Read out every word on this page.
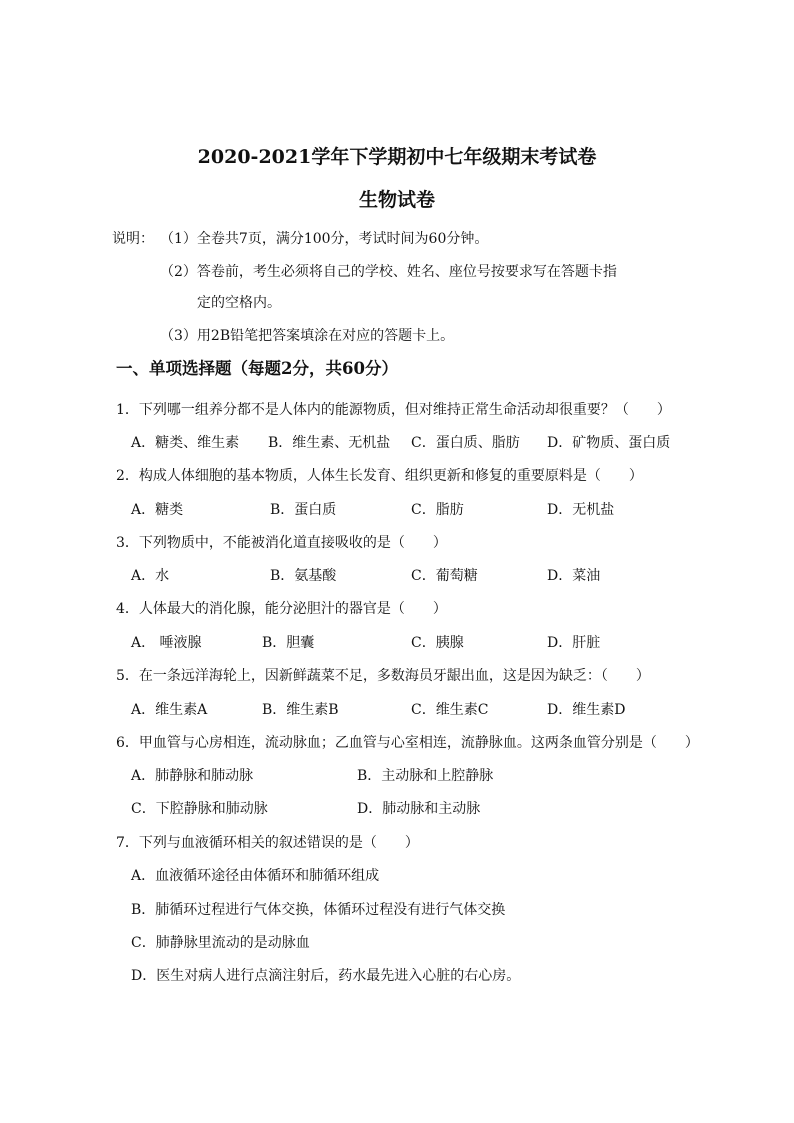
2020-2021学年下学期初中七年级期末考试卷
生物试卷
说明： （1）全卷共7页，满分100分，考试时间为60分钟。
（2）答卷前，考生必须将自己的学校、姓名、座位号按要求写在答题卡指
定的空格内。
（3）用2B铅笔把答案填涂在对应的答题卡上。
一、单项选择题（每题2分，共60分）
1．下列哪一组养分都不是人体内的能源物质，但对维持正常生命活动却很重要？（　　）
A．糖类、维生素 B．维生素、无机盐 C．蛋白质、脂肪 D．矿物质、蛋白质
2．构成人体细胞的基本物质，人体生长发育、组织更新和修复的重要原料是（　　）
A．糖类	B．蛋白质	C．脂肪	D．无机盐
3．下列物质中，不能被消化道直接吸收的是（　　）
A．水	B．氨基酸	C．葡萄糖	D．菜油
4．人体最大的消化腺，能分泌胆汁的器官是（　　）
A． 唾液腺	B．胆囊	C．胰腺	D．肝脏
5．在一条远洋海轮上，因新鲜蔬菜不足，多数海员牙龈出血，这是因为缺乏：（　　）
A．维生素A	B．维生素B	C．维生素C	D．维生素D
6．甲血管与心房相连，流动脉血；乙血管与心室相连，流静脉血。这两条血管分别是（　　）
A．肺静脉和肺动脉	B．主动脉和上腔静脉
C．下腔静脉和肺动脉	D．肺动脉和主动脉
7．下列与血液循环相关的叙述错误的是（　　）
A．血液循环途径由体循环和肺循环组成
B．肺循环过程进行气体交换，体循环过程没有进行气体交换
C．肺静脉里流动的是动脉血
D．医生对病人进行点滴注射后，药水最先进入心脏的右心房。
